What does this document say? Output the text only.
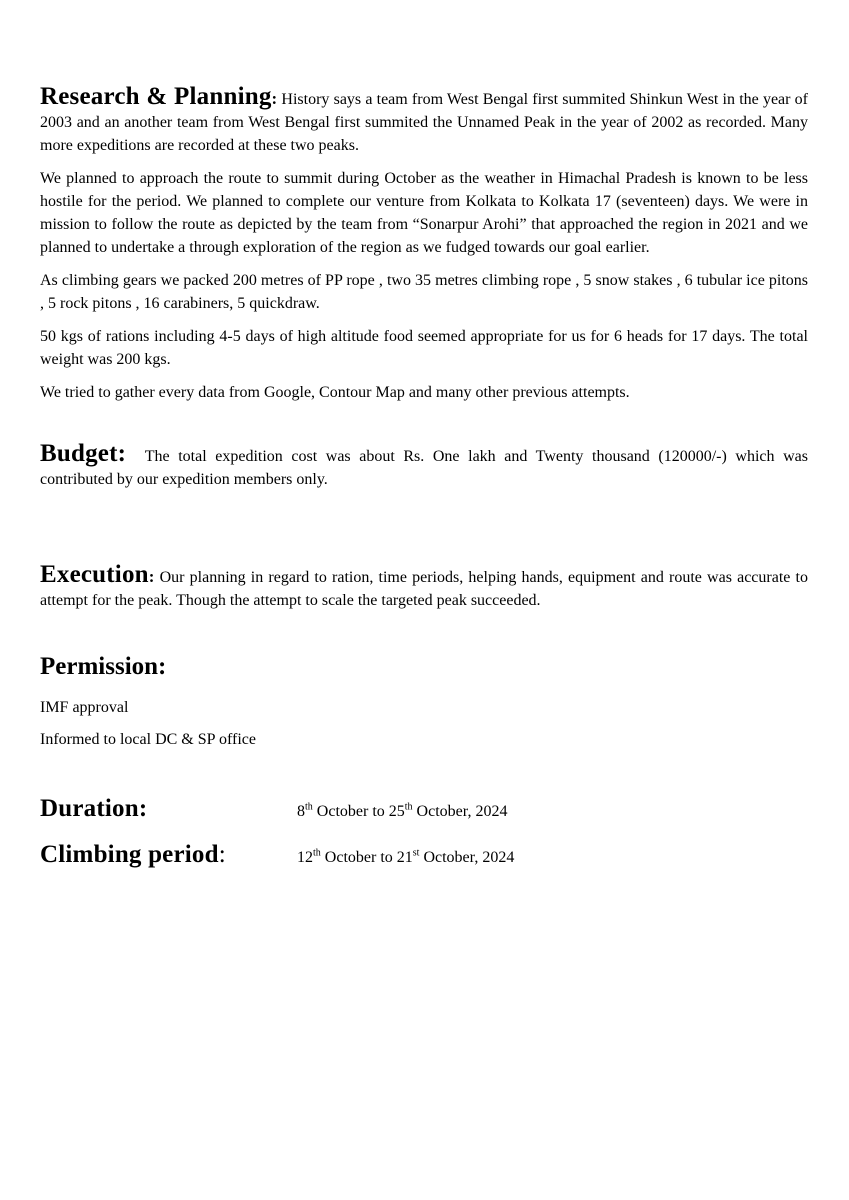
Research & Planning: History says a team from West Bengal first summited Shinkun West in the year of 2003 and an another team from West Bengal first summited the Unnamed Peak in the year of 2002 as recorded. Many more expeditions are recorded at these two peaks.

We planned to approach the route to summit during October as the weather in Himachal Pradesh is known to be less hostile for the period. We planned to complete our venture from Kolkata to Kolkata 17 (seventeen) days. We were in mission to follow the route as depicted by the team from “Sonarpur Arohi” that approached the region in 2021 and we planned to undertake a through exploration of the region as we fudged towards our goal earlier.

As climbing gears we packed 200 metres of PP rope , two 35 metres climbing rope , 5 snow stakes , 6 tubular ice pitons , 5 rock pitons , 16 carabiners, 5 quickdraw.

50 kgs of rations including 4-5 days of high altitude food seemed appropriate for us for 6 heads for 17 days. The total weight was 200 kgs.

We tried to gather every data from Google, Contour Map and many other previous attempts.

Budget: The total expedition cost was about Rs. One lakh and Twenty thousand (120000/-) which was contributed by our expedition members only.

Execution: Our planning in regard to ration, time periods, helping hands, equipment and route was accurate to attempt for the peak. Though the attempt to scale the targeted peak succeeded.

Permission:

IMF approval

Informed to local DC & SP office

Duration:	8th October to 25th October, 2024
Climbing period:	12th October to 21st October, 2024
